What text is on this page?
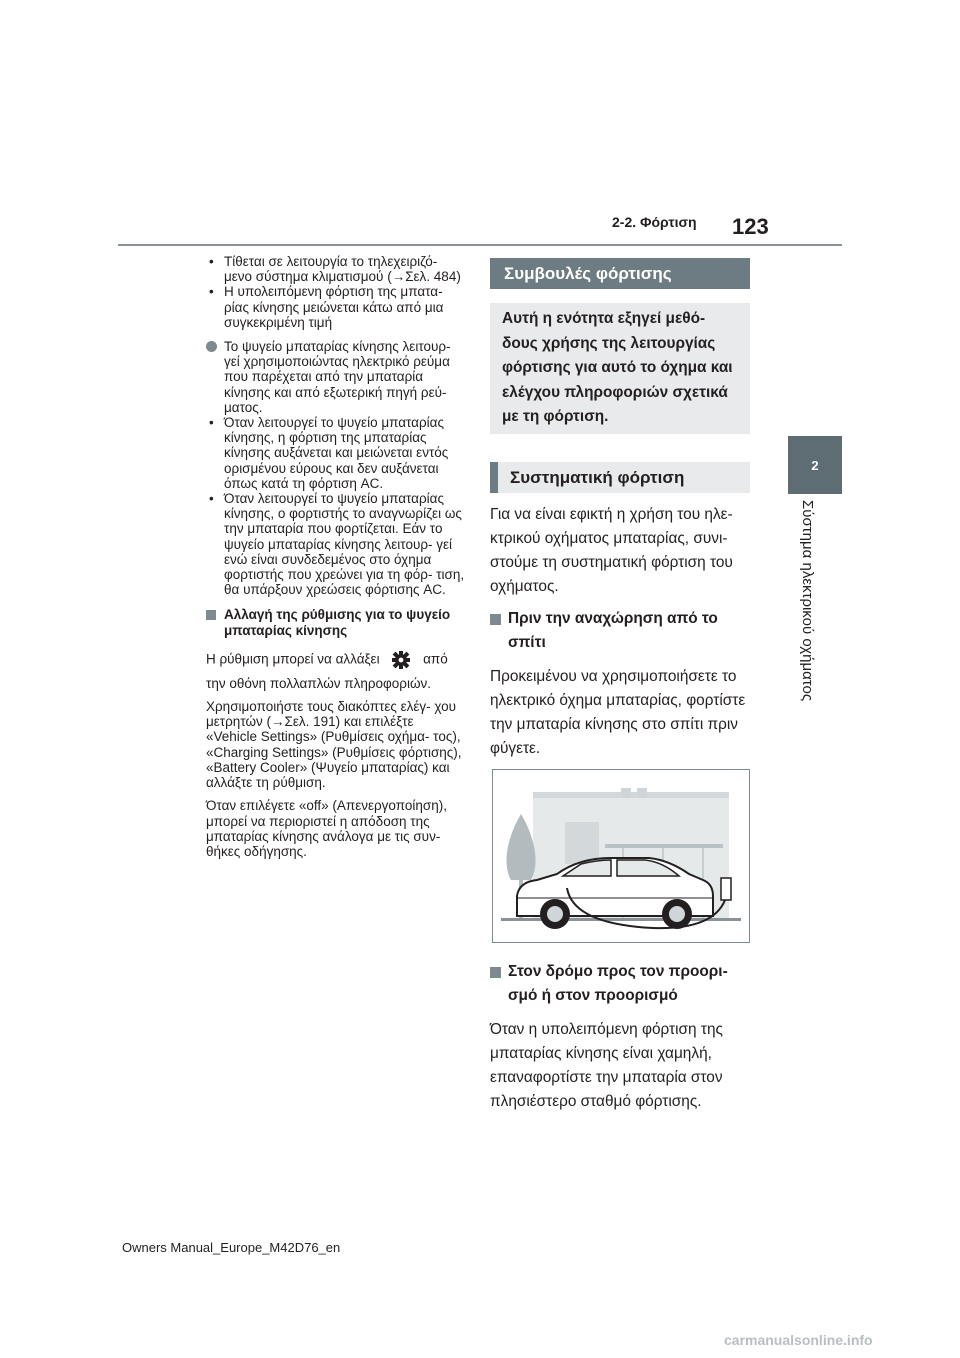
2-2. Φόρτιση 123
2
Σύστημα ηλεκτρικού οχήματος
• Τίθεται σε λειτουργία το τηλεχειριζό- μενο σύστημα κλιματισμού (→Σελ. 484)
• Η υπολειπόμενη φόρτιση της μπατα- ρίας κίνησης μειώνεται κάτω από μια συγκεκριμένη τιμή
Το ψυγείο μπαταρίας κίνησης λειτουρ- γεί χρησιμοποιώντας ηλεκτρικό ρεύμα που παρέχεται από την μπαταρία κίνησης και από εξωτερική πηγή ρεύ- ματος.
• Όταν λειτουργεί το ψυγείο μπαταρίας κίνησης, η φόρτιση της μπαταρίας κίνησης αυξάνεται και μειώνεται εντός ορισμένου εύρους και δεν αυξάνεται όπως κατά τη φόρτιση AC.
• Όταν λειτουργεί το ψυγείο μπαταρίας κίνησης, ο φορτιστής το αναγνωρίζει ως την μπαταρία που φορτίζεται. Εάν το ψυγείο μπαταρίας κίνησης λειτουρ- γεί ενώ είναι συνδεδεμένος στο όχημα φορτιστής που χρεώνει για τη φόρ- τιση, θα υπάρξουν χρεώσεις φόρτισης AC.
Αλλαγή της ρύθμισης για το ψυγείο μπαταρίας κίνησης
Η ρύθμιση μπορεί να αλλάξει	από
την οθόνη πολλαπλών πληροφοριών.
Χρησιμοποιήστε τους διακόπτες ελέγ- χου μετρητών (→Σελ. 191) και επιλέξτε «Vehicle Settings» (Ρυθμίσεις οχήμα- τος), «Charging Settings» (Ρυθμίσεις φόρτισης), «Battery Cooler» (Ψυγείο μπαταρίας) και αλλάξτε τη ρύθμιση.
Όταν επιλέγετε «off» (Απενεργοποίηση), μπορεί να περιοριστεί η απόδοση της μπαταρίας κίνησης ανάλογα με τις συν- θήκες οδήγησης.
Συμβουλές φόρτισης
Αυτή η ενότητα εξηγεί μεθό- δους χρήσης της λειτουργίας φόρτισης για αυτό το όχημα και ελέγχου πληροφοριών σχετικά με τη φόρτιση.
Συστηματική φόρτιση
Για να είναι εφικτή η χρήση του ηλε- κτρικού οχήματος μπαταρίας, συνι- στούμε τη συστηματική φόρτιση του οχήματος.
Πριν την αναχώρηση από το σπίτι
Προκειμένου να χρησιμοποιήσετε το ηλεκτρικό όχημα μπαταρίας, φορτίστε την μπαταρία κίνησης στο σπίτι πριν φύγετε.
Στον δρόμο προς τον προορι- σμό ή στον προορισμό
Όταν η υπολειπόμενη φόρτιση της μπαταρίας κίνησης είναι χαμηλή, επαναφορτίστε την μπαταρία στον πλησιέστερο σταθμό φόρτισης.
Owners Manual_Europe_M42D76_en
carmanualsonline.info
